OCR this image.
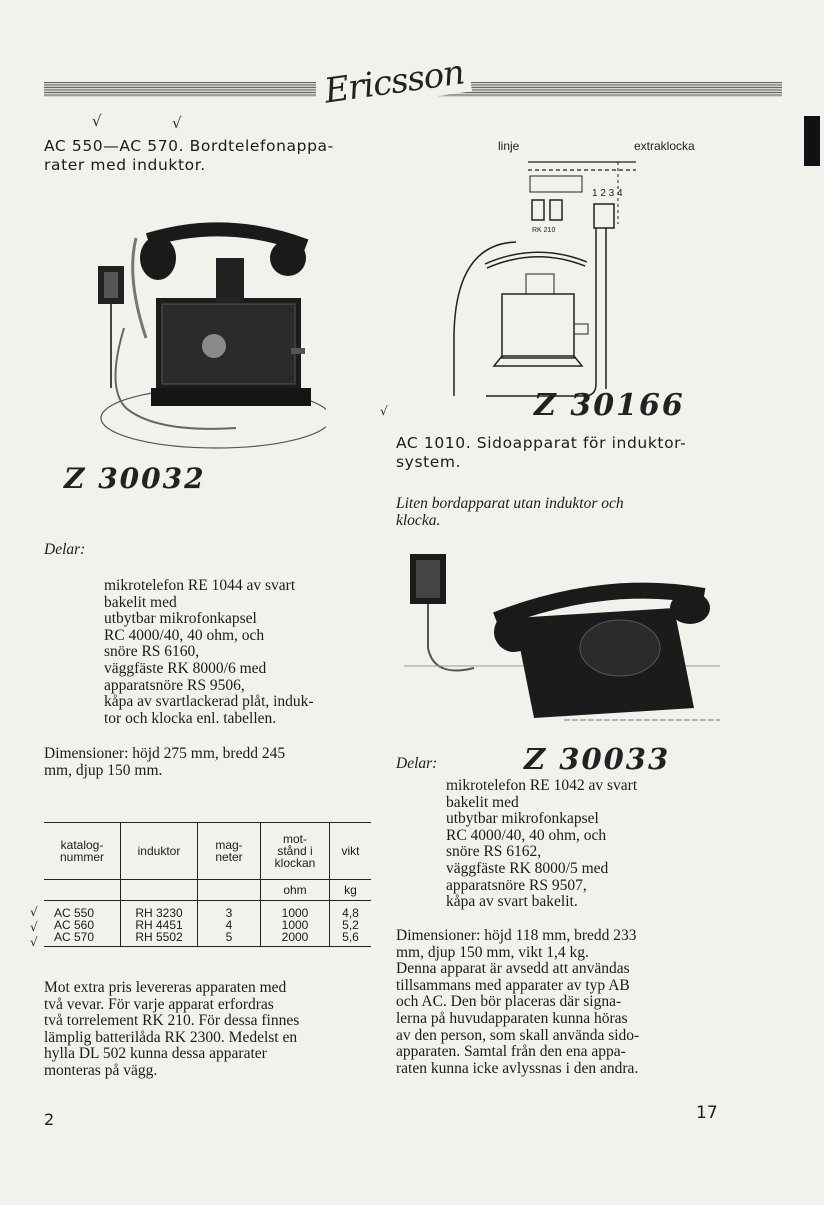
Ericsson
√	√
AC 550—AC 570. Bordtelefonappa-
rater med induktor.
Z 30032
Delar:
mikrotelefon RE 1044 av svart
bakelit med
utbytbar mikrofonkapsel
RC 4000/40, 40 ohm, och
snöre RS 6160,
väggfäste RK 8000/6 med
apparatsnöre RS 9506,
kåpa av svartlackerad plåt, induk-
tor och klocka enl. tabellen.
Dimensioner: höjd 275 mm, bredd 245
mm, djup 150 mm.
katalog-
nummer	induktor	mag-
neter	mot-
stånd i
klockan	vikt
			ohm	kg
AC 550	RH 3230	3	1000	4,8
AC 560	RH 4451	4	1000	5,2
AC 570	RH 5502	5	2000	5,6
√
√
√
Mot extra pris levereras apparaten med
två vevar. För varje apparat erfordras
två torrelement RK 210. För dessa finnes
lämplig batterilåda RK 2300. Medelst en
hylla DL 502 kunna dessa apparater
monteras på vägg.
2
linje	extraklocka
1 2 3 4
RK 210
Z 30166
√
AC 1010. Sidoapparat för induktor-
system.
Liten bordapparat utan induktor och
klocka.
Delar:	Z 30033
mikrotelefon RE 1042 av svart
bakelit med
utbytbar mikrofonkapsel
RC 4000/40, 40 ohm, och
snöre RS 6162,
väggfäste RK 8000/5 med
apparatsnöre RS 9507,
kåpa av svart bakelit.
Dimensioner: höjd 118 mm, bredd 233
mm, djup 150 mm, vikt 1,4 kg.
Denna apparat är avsedd att användas
tillsammans med apparater av typ AB
och AC. Den bör placeras där signa-
lerna på huvudapparaten kunna höras
av den person, som skall använda sido-
apparaten. Samtal från den ena appa-
raten kunna icke avlyssnas i den andra.
17
